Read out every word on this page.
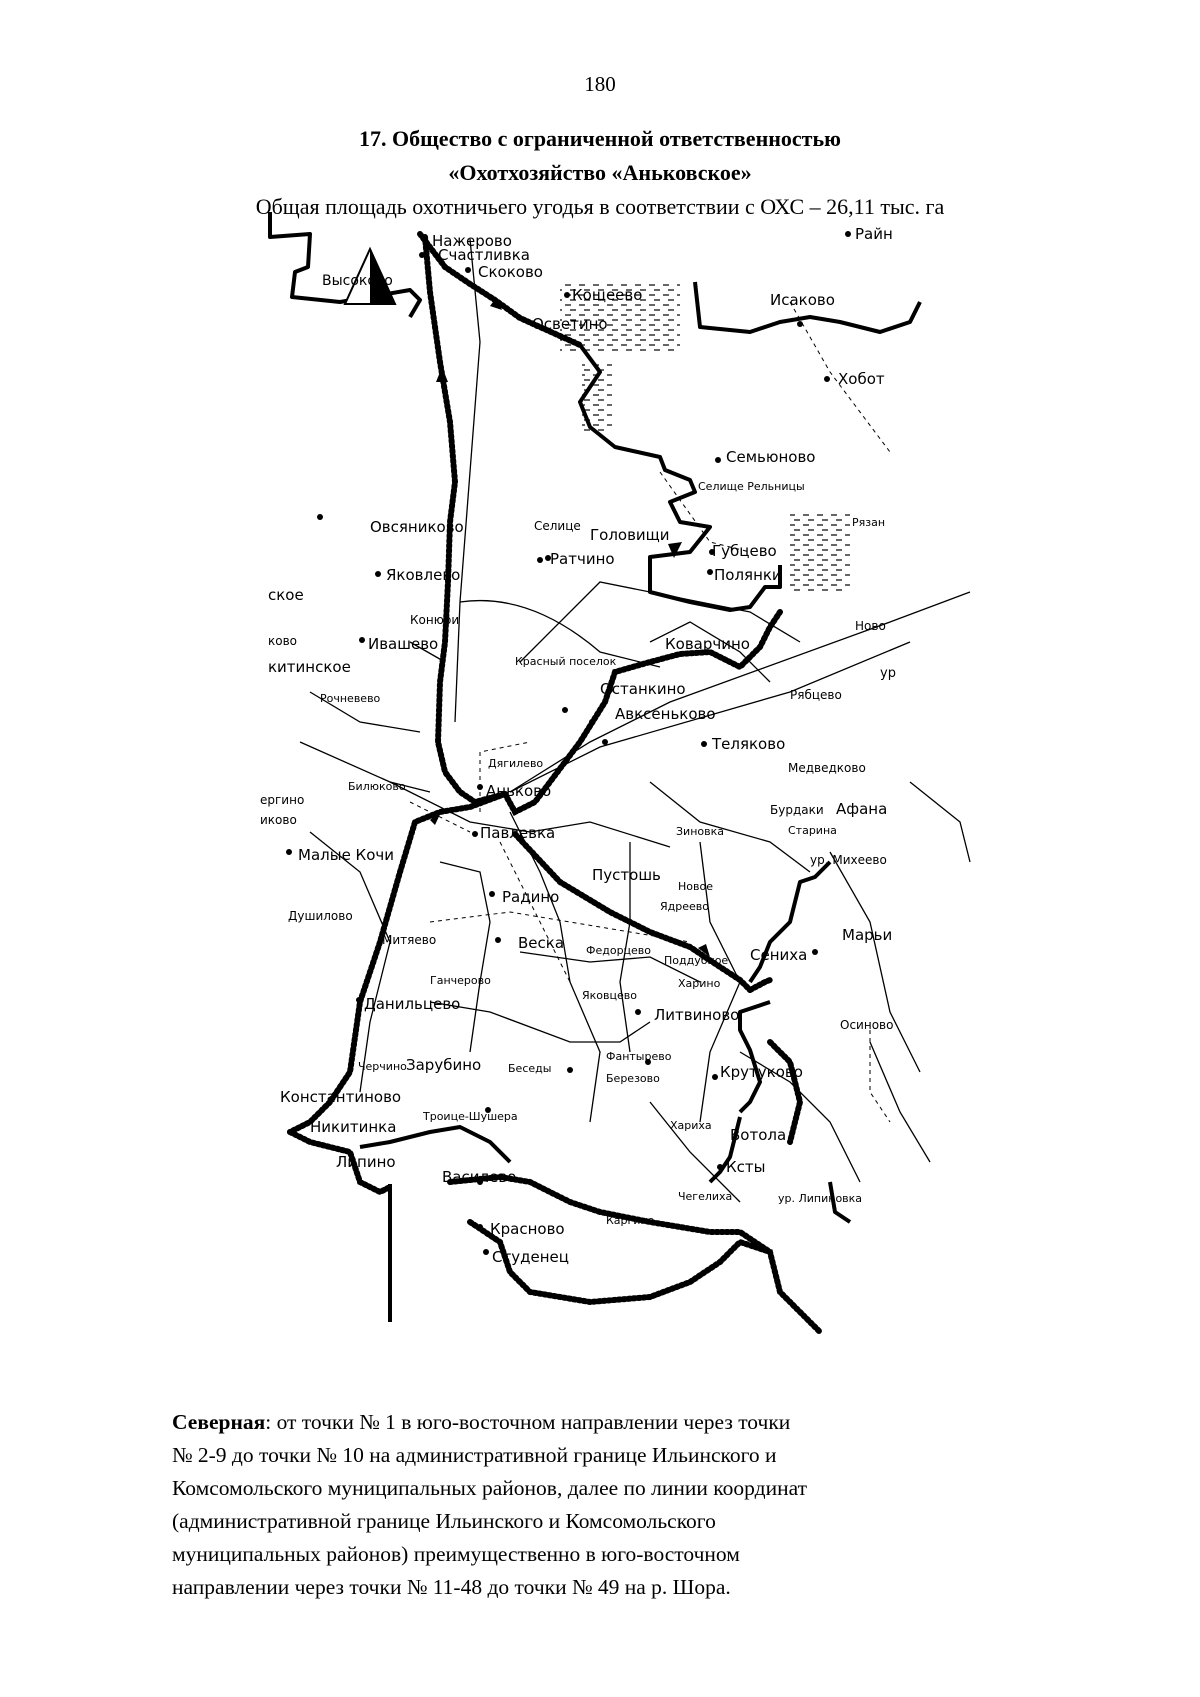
180
17. Общество с ограниченной ответственностью
«Охотхозяйство «Аньковское»
Общая площадь охотничьего угодья в соответствии с ОХС – 26,11 тыс. га
Нажерово	Райн
Счастливка
Скоково
Высоково
Кощеево	Исаково
Осветино
Хобот
Семьюново
Селище Рельницы
Овсяниково	Селице Головищи
Рязан
Губцево
Ратчино
Яковлево	Полянки
ское
Конюри	Ново
Ивашево
ково	Коварчино
Красный поселок
китинское	ур
Останкино
Рочневево	Рябцево
Авксеньково
Теляково
Дягилево	Медведково
Билюково	Аньково
ергино
Бурдаки Афана
иково
Старина
Зиновка
Павлевка
Малые Кочи	ур. Михеево
Пустошь
Новое
Радино
Ядреево
Душилово
Марьи
Митяево	Веска Федорцево
Поддубное Сениха
Ганчерово	Харино
Яковцево
Данильцево
Литвиново
Осиново
Фантырево
Черчино Зарубино Беседы
Березово	Крутуково
Константиново
Троице-Шушера
Никитинка	Хариха
Вотола
Липино
Василево
Ксты
Чегелиха	ур. Липиновка
Красново	Каргино
Студенец
Северная: от точки № 1 в юго-восточном направлении через точки
№ 2-9 до точки № 10 на административной границе Ильинского и
Комсомольского муниципальных районов, далее по линии координат
(административной границе Ильинского и Комсомольского
муниципальных районов) преимущественно в юго-восточном
направлении через точки № 11-48 до точки № 49 на р. Шора.
